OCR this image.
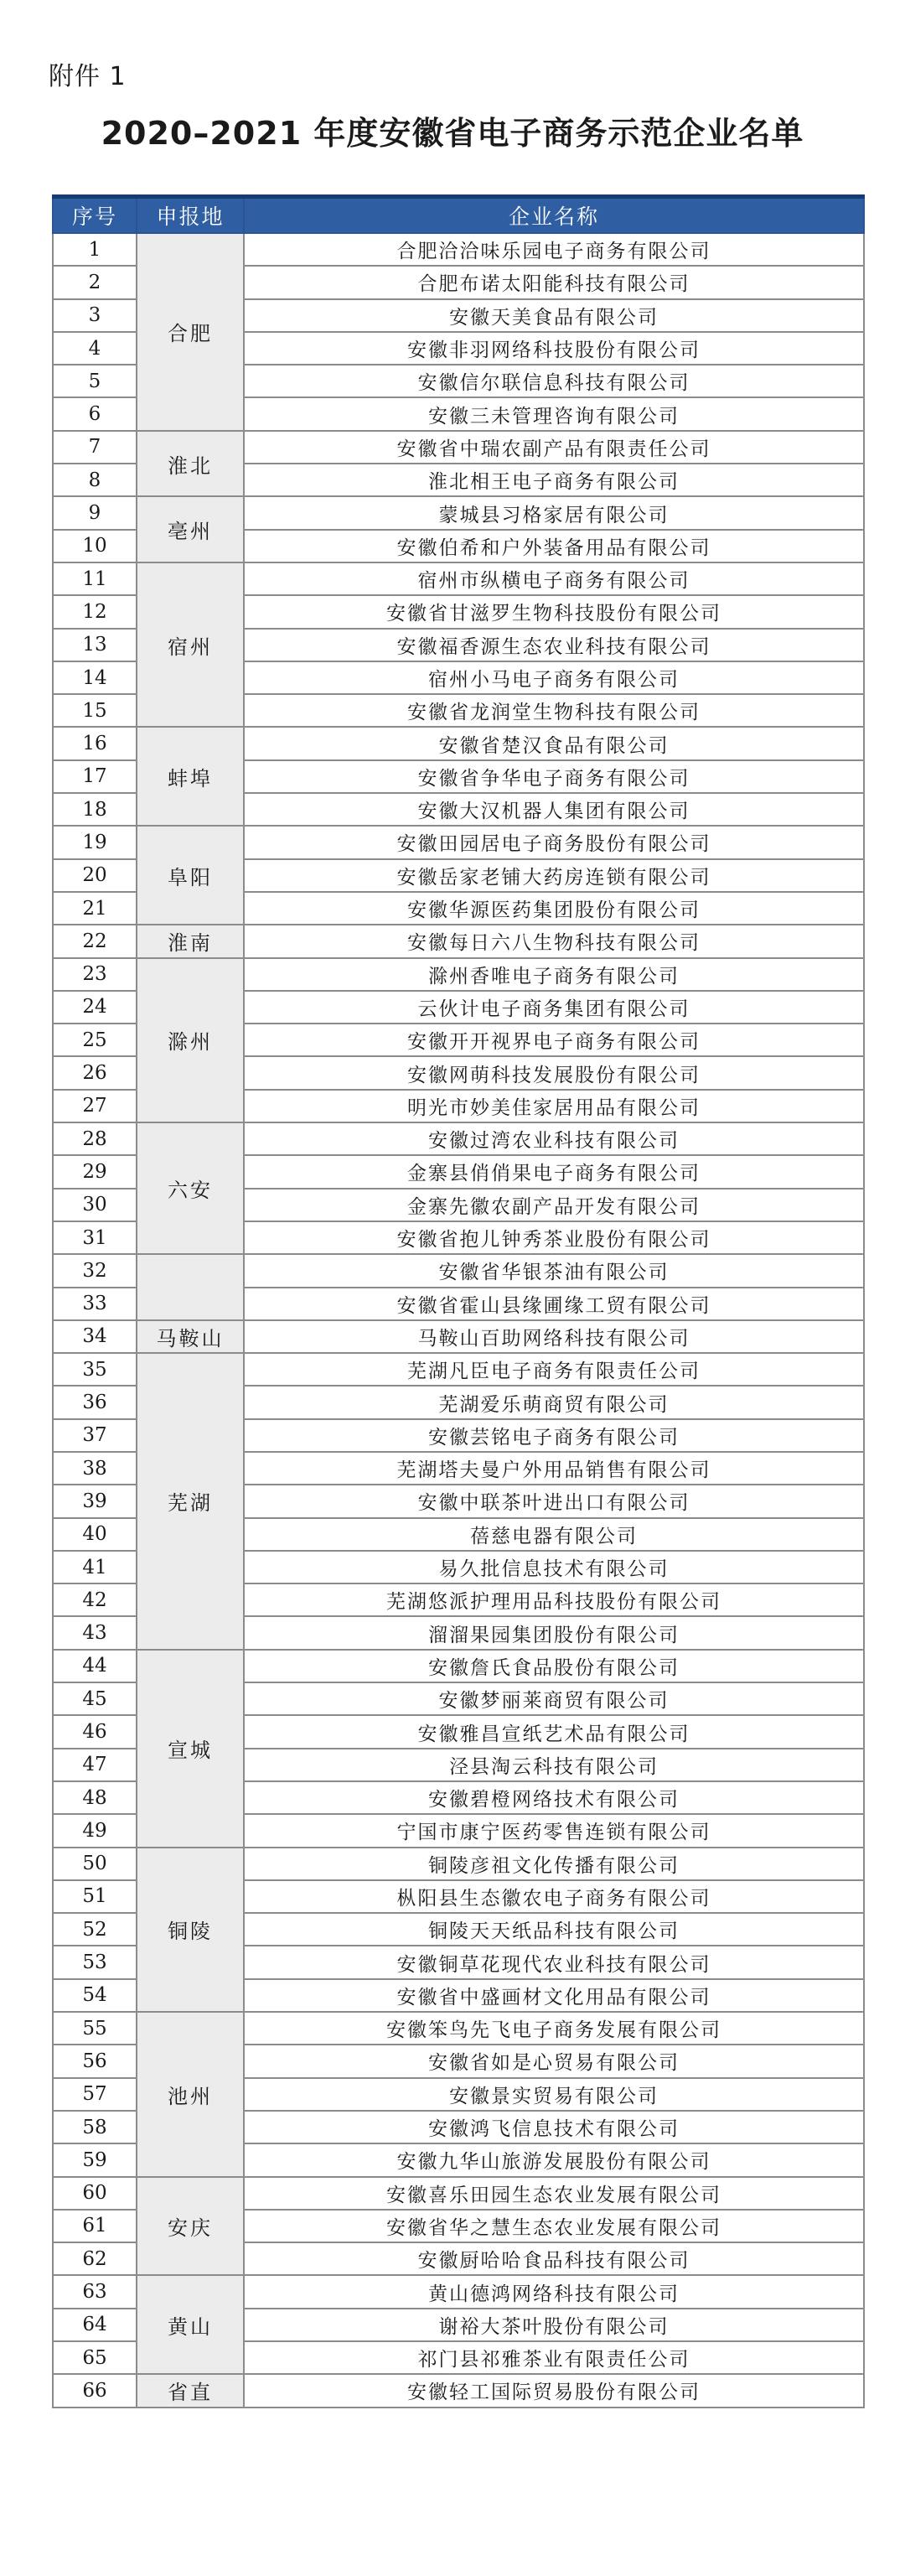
附件 1
2020–2021 年度安徽省电子商务示范企业名单
序号	申报地	企业名称
1	合肥	合肥洽洽味乐园电子商务有限公司
2		合肥布诺太阳能科技有限公司
3		安徽天美食品有限公司
4		安徽非羽网络科技股份有限公司
5		安徽信尔联信息科技有限公司
6		安徽三未管理咨询有限公司
7	淮北	安徽省中瑞农副产品有限责任公司
8		淮北相王电子商务有限公司
9	亳州	蒙城县习格家居有限公司
10		安徽伯希和户外装备用品有限公司
11	宿州	宿州市纵横电子商务有限公司
12		安徽省甘滋罗生物科技股份有限公司
13		安徽福香源生态农业科技有限公司
14		宿州小马电子商务有限公司
15		安徽省龙润堂生物科技有限公司
16	蚌埠	安徽省楚汉食品有限公司
17		安徽省争华电子商务有限公司
18		安徽大汉机器人集团有限公司
19	阜阳	安徽田园居电子商务股份有限公司
20		安徽岳家老铺大药房连锁有限公司
21		安徽华源医药集团股份有限公司
22	淮南	安徽每日六八生物科技有限公司
23	滁州	滁州香唯电子商务有限公司
24		云伙计电子商务集团有限公司
25		安徽开开视界电子商务有限公司
26		安徽网萌科技发展股份有限公司
27		明光市妙美佳家居用品有限公司
28	六安	安徽过湾农业科技有限公司
29		金寨县俏俏果电子商务有限公司
30		金寨先徽农副产品开发有限公司
31		安徽省抱儿钟秀茶业股份有限公司
32		安徽省华银茶油有限公司
33		安徽省霍山县缘圃缘工贸有限公司
34	马鞍山	马鞍山百助网络科技有限公司
35	芜湖	芜湖凡臣电子商务有限责任公司
36		芜湖爱乐萌商贸有限公司
37		安徽芸铭电子商务有限公司
38		芜湖塔夫曼户外用品销售有限公司
39		安徽中联茶叶进出口有限公司
40		蓓慈电器有限公司
41		易久批信息技术有限公司
42		芜湖悠派护理用品科技股份有限公司
43		溜溜果园集团股份有限公司
44	宣城	安徽詹氏食品股份有限公司
45		安徽梦丽莱商贸有限公司
46		安徽雅昌宣纸艺术品有限公司
47		泾县淘云科技有限公司
48		安徽碧橙网络技术有限公司
49		宁国市康宁医药零售连锁有限公司
50	铜陵	铜陵彦祖文化传播有限公司
51		枞阳县生态徽农电子商务有限公司
52		铜陵天天纸品科技有限公司
53		安徽铜草花现代农业科技有限公司
54		安徽省中盛画材文化用品有限公司
55	池州	安徽笨鸟先飞电子商务发展有限公司
56		安徽省如是心贸易有限公司
57		安徽景实贸易有限公司
58		安徽鸿飞信息技术有限公司
59		安徽九华山旅游发展股份有限公司
60	安庆	安徽喜乐田园生态农业发展有限公司
61		安徽省华之慧生态农业发展有限公司
62		安徽厨哈哈食品科技有限公司
63	黄山	黄山德鸿网络科技有限公司
64		谢裕大茶叶股份有限公司
65		祁门县祁雅茶业有限责任公司
66	省直	安徽轻工国际贸易股份有限公司
